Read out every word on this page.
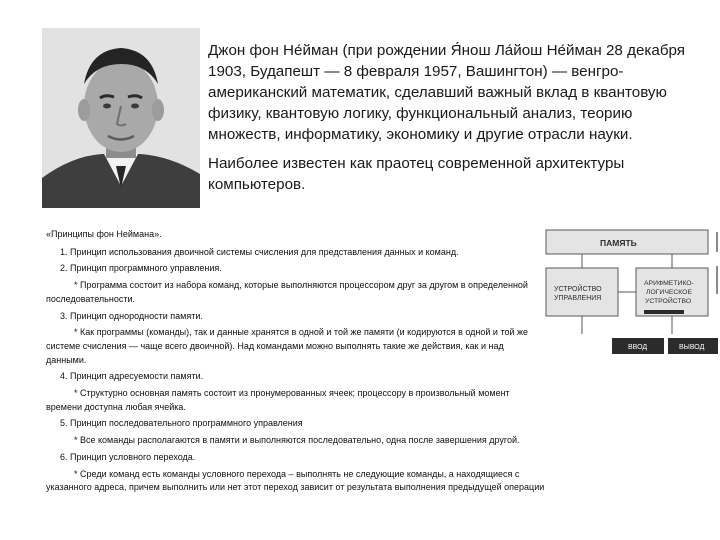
Джон фон Не́йман (при рождении Я́нош Ла́йош Не́йман 28 декабря 1903, Будапешт — 8 февраля 1957, Вашингтон) — венгро-американский математик, сделавший важный вклад в квантовую физику, квантовую логику, функциональный анализ, теорию множеств, информатику, экономику и другие отрасли науки.

Наиболее известен как праотец современной архитектуры компьютеров.

«Принципы фон Неймана».
1. Принцип использования двоичной системы счисления для представления данных и команд.
2. Принцип программного управления.
* Программа состоит из набора команд, которые выполняются процессором друг за другом в определенной последовательности.
3. Принцип однородности памяти.
* Как программы (команды), так и данные хранятся в одной и той же памяти (и кодируются в одной и той же системе счисления — чаще всего двоичной). Над командами можно выполнять такие же действия, как и над данными.
4. Принцип адресуемости памяти.
* Структурно основная память состоит из пронумерованных ячеек; процессору в произвольный момент времени доступна любая ячейка.
5. Принцип последовательного программного управления
* Все команды располагаются в памяти и выполняются последовательно, одна после завершения другой.
6. Принцип условного перехода.
* Среди команд есть команды условного перехода – выполнять не следующие команды, а находящиеся с указанного адреса, причем выполнить или нет этот переход зависит от результата выполнения предыдущей операции
ПАМЯТЬ
УСТРОЙСТВО
УПРАВЛЕНИЯ
АРИФМЕТИКО-
ЛОГИЧЕСКОЕ
УСТРОЙСТВО
ВВОД	ВЫВОД
